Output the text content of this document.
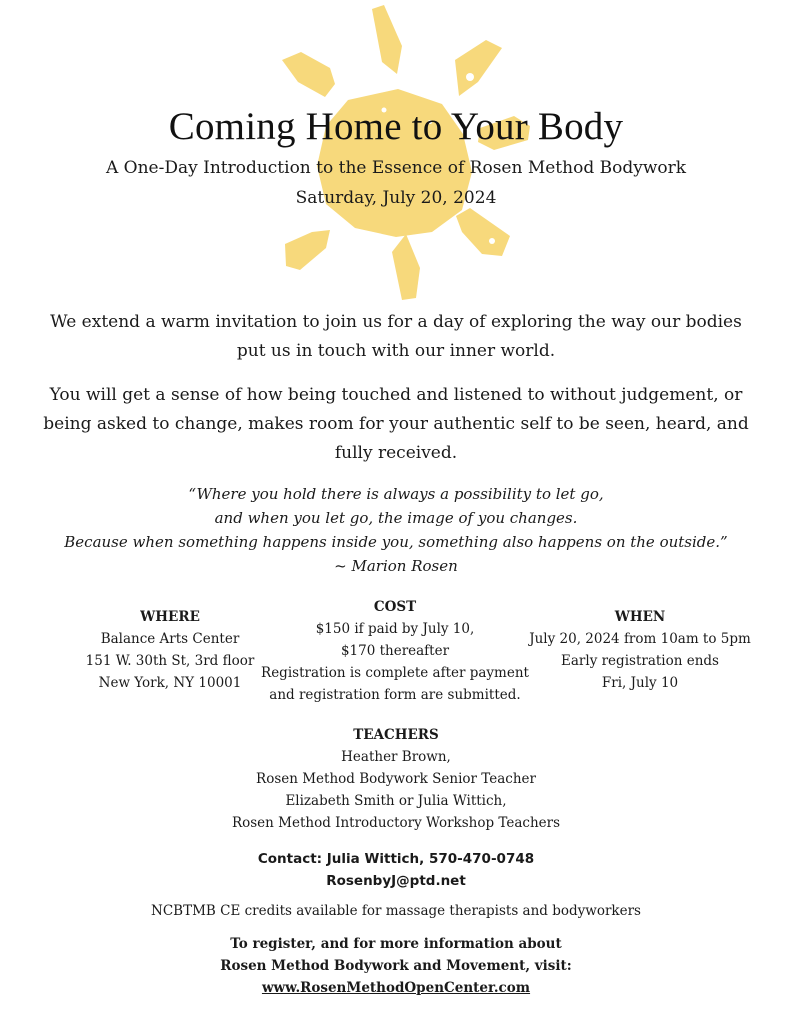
Coming Home to Your Body
A One-Day Introduction to the Essence of Rosen Method Bodywork
Saturday, July 20, 2024

We extend a warm invitation to join us for a day of exploring the way our bodies put us in touch with our inner world.

You will get a sense of how being touched and listened to without judgement, or being asked to change, makes room for your authentic self to be seen, heard, and fully received.

“Where you hold there is always a possibility to let go,
and when you let go, the image of you changes.
Because when something happens inside you, something also happens on the outside.”
~ Marion Rosen
WHERE

Balance Arts Center

151 W. 30th St, 3rd floor

New York, NY 10001

COST

$150 if paid by July 10,

$170 thereafter

Registration is complete after payment

and registration form are submitted.

WHEN

July 20, 2024 from 10am to 5pm

Early registration ends

Fri, July 10

TEACHERS

Heather Brown,

Rosen Method Bodywork Senior Teacher

Elizabeth Smith or Julia Wittich,

Rosen Method Introductory Workshop Teachers

Contact: Julia Wittich, 570-470-0748
RosenbyJ@ptd.net
NCBTMB CE credits available for massage therapists and bodyworkers
To register, and for more information about
Rosen Method Bodywork and Movement, visit:
www.RosenMethodOpenCenter.com
